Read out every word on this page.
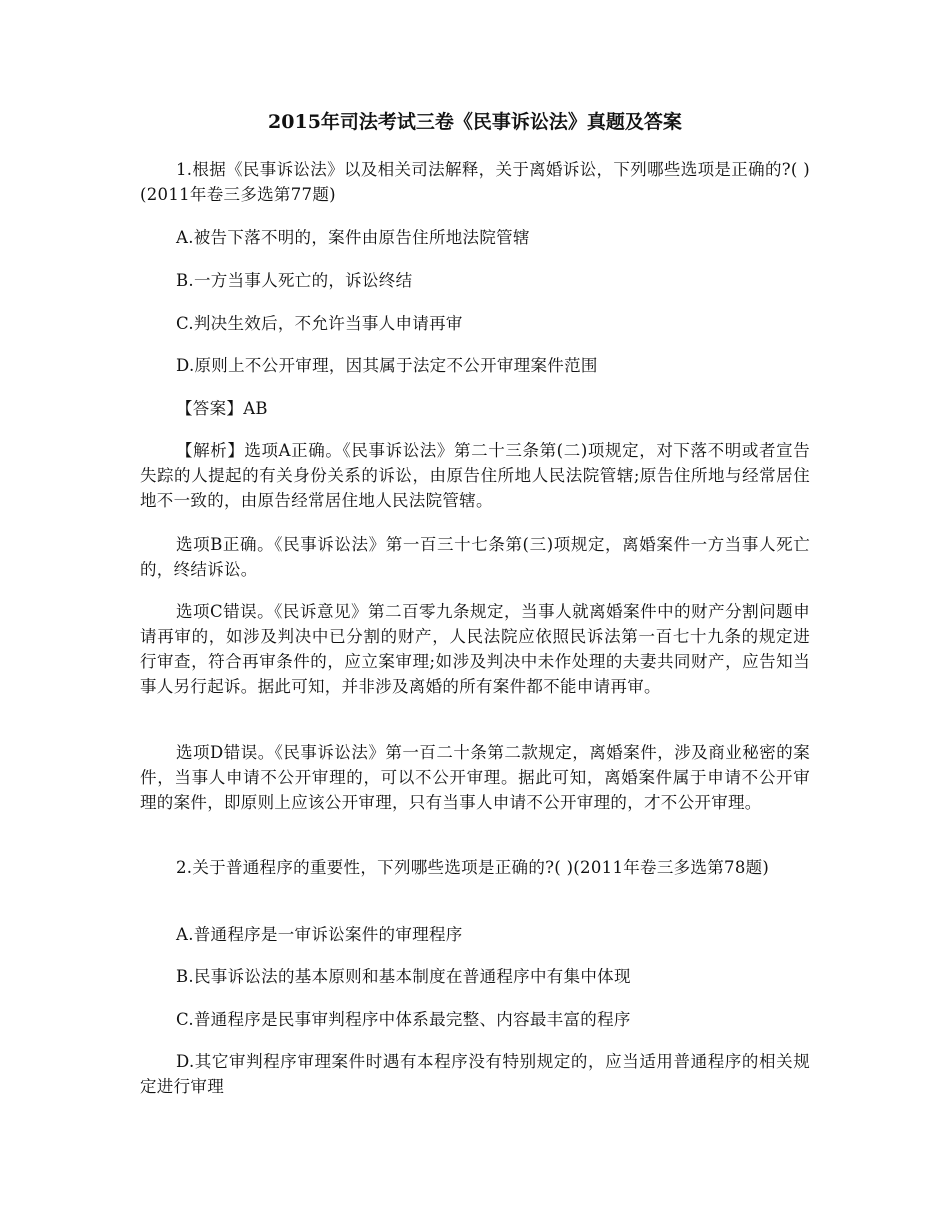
2015年司法考试三卷《民事诉讼法》真题及答案

1.根据《民事诉讼法》以及相关司法解释，关于离婚诉讼，下列哪些选项是正确的?( )(2011年卷三多选第77题)

A.被告下落不明的，案件由原告住所地法院管辖

B.一方当事人死亡的，诉讼终结

C.判决生效后，不允许当事人申请再审

D.原则上不公开审理，因其属于法定不公开审理案件范围

【答案】AB

【解析】选项A正确。《民事诉讼法》第二十三条第(二)项规定，对下落不明或者宣告失踪的人提起的有关身份关系的诉讼，由原告住所地人民法院管辖;原告住所地与经常居住地不一致的，由原告经常居住地人民法院管辖。

选项B正确。《民事诉讼法》第一百三十七条第(三)项规定，离婚案件一方当事人死亡的，终结诉讼。

选项C错误。《民诉意见》第二百零九条规定，当事人就离婚案件中的财产分割问题申请再审的，如涉及判决中已分割的财产，人民法院应依照民诉法第一百七十九条的规定进行审查，符合再审条件的，应立案审理;如涉及判决中未作处理的夫妻共同财产，应告知当事人另行起诉。据此可知，并非涉及离婚的所有案件都不能申请再审。

选项D错误。《民事诉讼法》第一百二十条第二款规定，离婚案件，涉及商业秘密的案件，当事人申请不公开审理的，可以不公开审理。据此可知，离婚案件属于申请不公开审理的案件，即原则上应该公开审理，只有当事人申请不公开审理的，才不公开审理。

2.关于普通程序的重要性，下列哪些选项是正确的?( )(2011年卷三多选第78题)

A.普通程序是一审诉讼案件的审理程序

B.民事诉讼法的基本原则和基本制度在普通程序中有集中体现

C.普通程序是民事审判程序中体系最完整、内容最丰富的程序

D.其它审判程序审理案件时遇有本程序没有特别规定的，应当适用普通程序的相关规定进行审理
